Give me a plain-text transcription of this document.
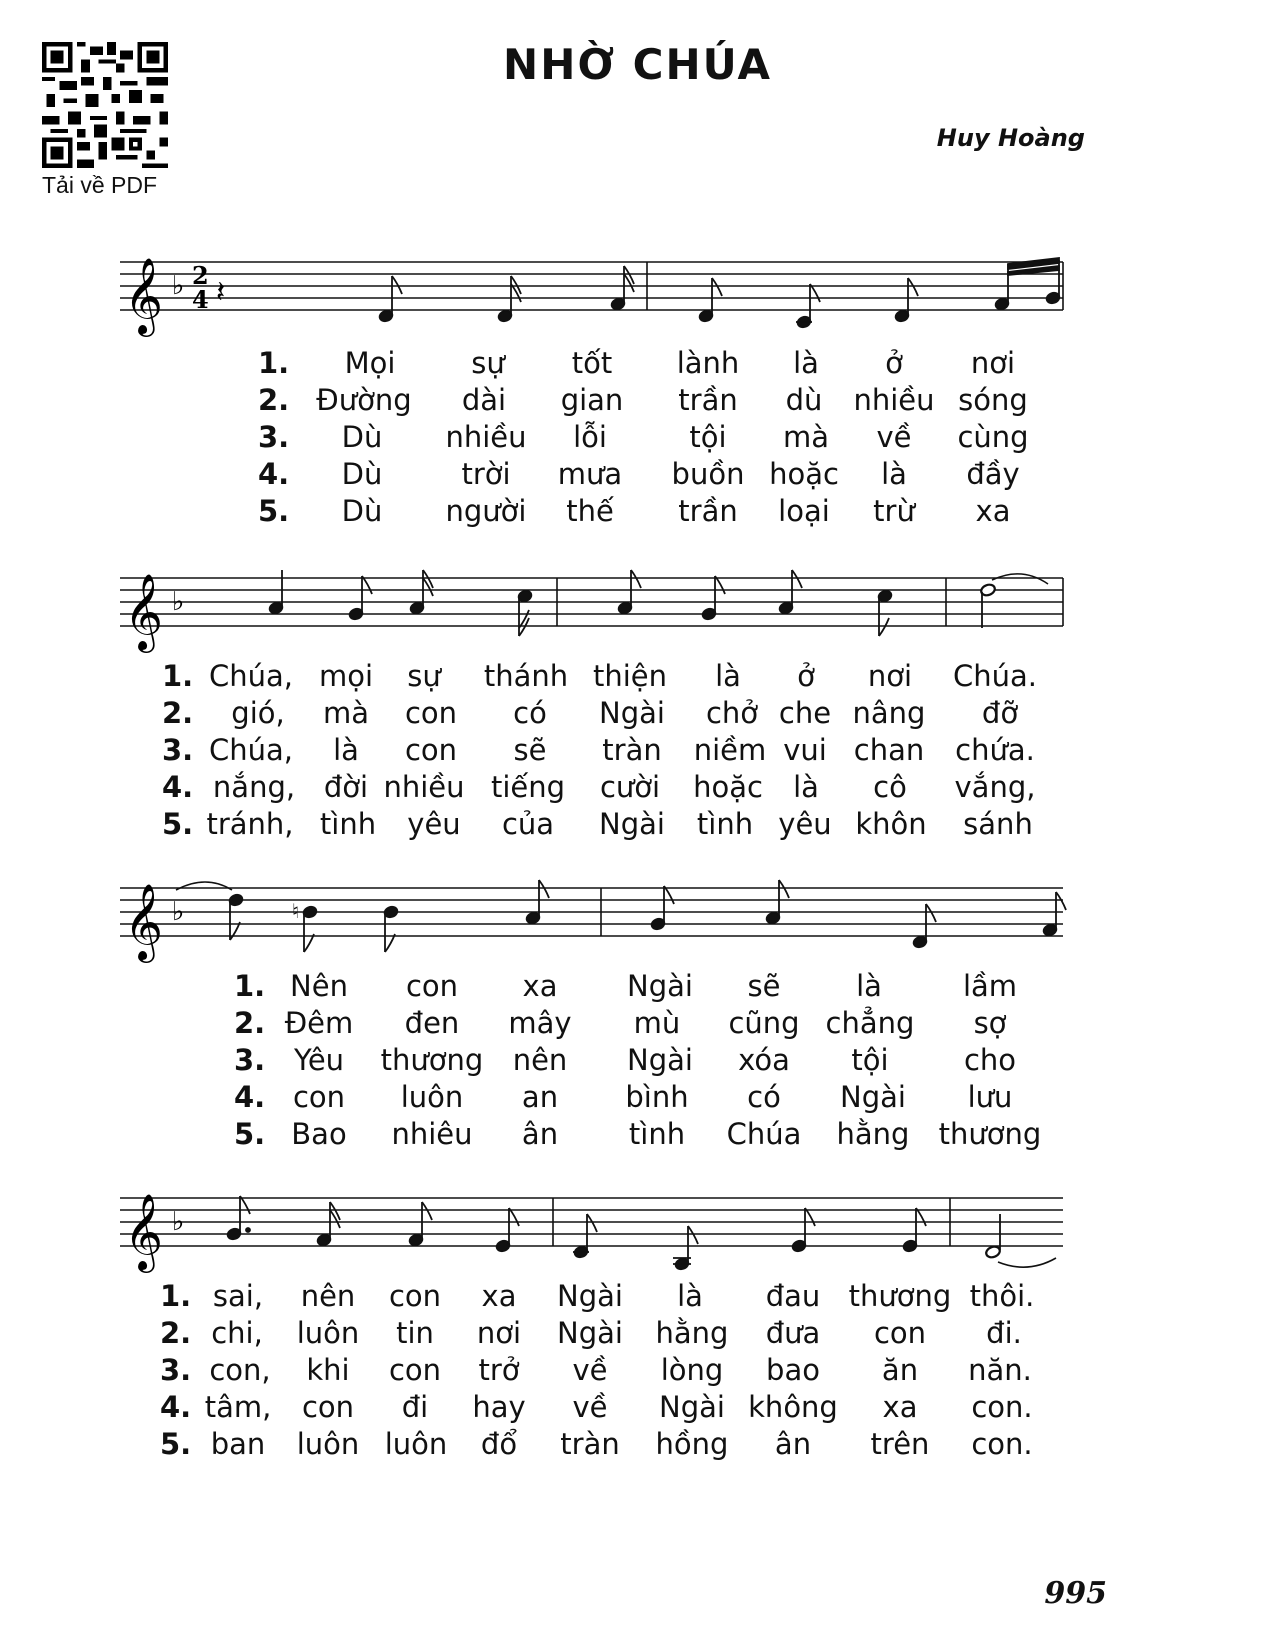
Tải về PDF
NHỜ CHÚA
Huy Hoàng
𝄞 ♭ 2
4 𝄽
1. Mọi	sự tốt lành là ở nơi
2. Đường dài gian trần dù nhiều sóng
3. Dù nhiều lỗi	tội mà về cùng
4. Dù	trời mưa buồn hoặc là đầy
5. Dù người thế trần loại trừ xa
𝄞 ♭
1. Chúa, mọi sự thánh thiện là ở nơi Chúa.
2. gió, mà con có Ngài chở che nâng đỡ
3. Chúa, là con sẽ tràn niềm vui chan chứa.
4. nắng, đời nhiều tiếng cười hoặc là cô vắng,
5. tránh, tình yêu của Ngài tình yêu khôn sánh
𝄞 ♭	♮
1. Nên con xa Ngài sẽ	là	lầm
2. Đêm đen mây mù cũng chẳng sợ
3. Yêu thương nên Ngài xóa tội	cho
4. con luôn an bình có Ngài lưu
5. Bao nhiêu ân tình Chúa hằng thương
𝄞 ♭
1. sai, nên con xa Ngài là đau thương thôi.
2. chi, luôn tin nơi Ngài hằng đưa con đi.
3. con, khi con trở về lòng bao ăn năn.
4. tâm, con đi hay về Ngài không xa con.
5. ban luôn luôn đổ tràn hồng ân trên con.
995
